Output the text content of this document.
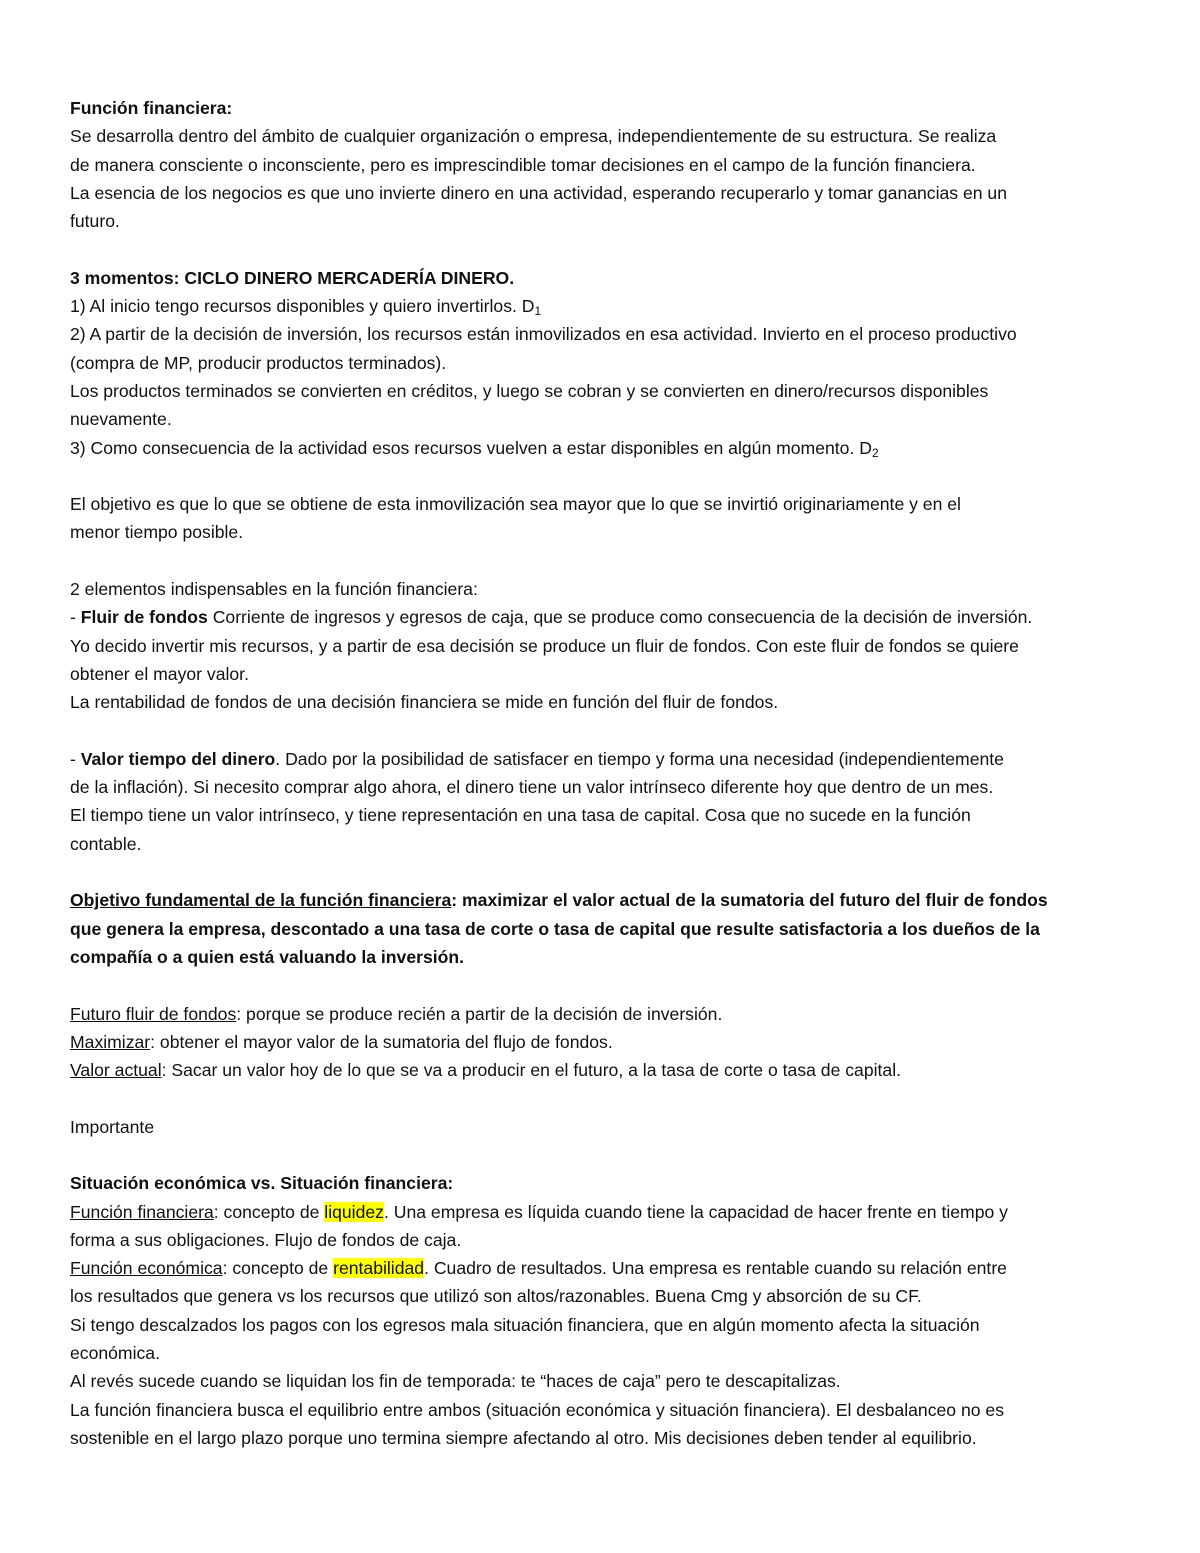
Función financiera:
Se desarrolla dentro del ámbito de cualquier organización o empresa, independientemente de su estructura. Se realiza
de manera consciente o inconsciente, pero es imprescindible tomar decisiones en el campo de la función financiera.
La esencia de los negocios es que uno invierte dinero en una actividad, esperando recuperarlo y tomar ganancias en un
futuro.
3 momentos: CICLO DINERO MERCADERÍA DINERO.
1) Al inicio tengo recursos disponibles y quiero invertirlos. $D_1$
2) A partir de la decisión de inversión, los recursos están inmovilizados en esa actividad. Invierto en el proceso productivo
(compra de MP, producir productos terminados).
Los productos terminados se convierten en créditos, y luego se cobran y se convierten en dinero/recursos disponibles
nuevamente.
3) Como consecuencia de la actividad esos recursos vuelven a estar disponibles en algún momento. $D_2$
El objetivo es que lo que se obtiene de esta inmovilización sea mayor que lo que se invirtió originariamente y en el
menor tiempo posible.
2 elementos indispensables en la función financiera:
- Fluir de fondos Corriente de ingresos y egresos de caja, que se produce como consecuencia de la decisión de inversión.
Yo decido invertir mis recursos, y a partir de esa decisión se produce un fluir de fondos. Con este fluir de fondos se quiere
obtener el mayor valor.
La rentabilidad de fondos de una decisión financiera se mide en función del fluir de fondos.
- Valor tiempo del dinero. Dado por la posibilidad de satisfacer en tiempo y forma una necesidad (independientemente
de la inflación). Si necesito comprar algo ahora, el dinero tiene un valor intrínseco diferente hoy que dentro de un mes.
El tiempo tiene un valor intrínseco, y tiene representación en una tasa de capital. Cosa que no sucede en la función
contable.
Objetivo fundamental de la función financiera: maximizar el valor actual de la sumatoria del futuro del fluir de fondos
que genera la empresa, descontado a una tasa de corte o tasa de capital que resulte satisfactoria a los dueños de la
compañía o a quien está valuando la inversión.
Futuro fluir de fondos: porque se produce recién a partir de la decisión de inversión.
Maximizar: obtener el mayor valor de la sumatoria del flujo de fondos.
Valor actual: Sacar un valor hoy de lo que se va a producir en el futuro, a la tasa de corte o tasa de capital.
Importante
Situación económica vs. Situación financiera:
Función financiera: concepto de liquidez. Una empresa es líquida cuando tiene la capacidad de hacer frente en tiempo y
forma a sus obligaciones. Flujo de fondos de caja.
Función económica: concepto de rentabilidad. Cuadro de resultados. Una empresa es rentable cuando su relación entre
los resultados que genera vs los recursos que utilizó son altos/razonables. Buena Cmg y absorción de su CF.
Si tengo descalzados los pagos con los egresos mala situación financiera, que en algún momento afecta la situación
económica.
Al revés sucede cuando se liquidan los fin de temporada: te “haces de caja” pero te descapitalizas.
La función financiera busca el equilibrio entre ambos (situación económica y situación financiera). El desbalanceo no es
sostenible en el largo plazo porque uno termina siempre afectando al otro. Mis decisiones deben tender al equilibrio.
